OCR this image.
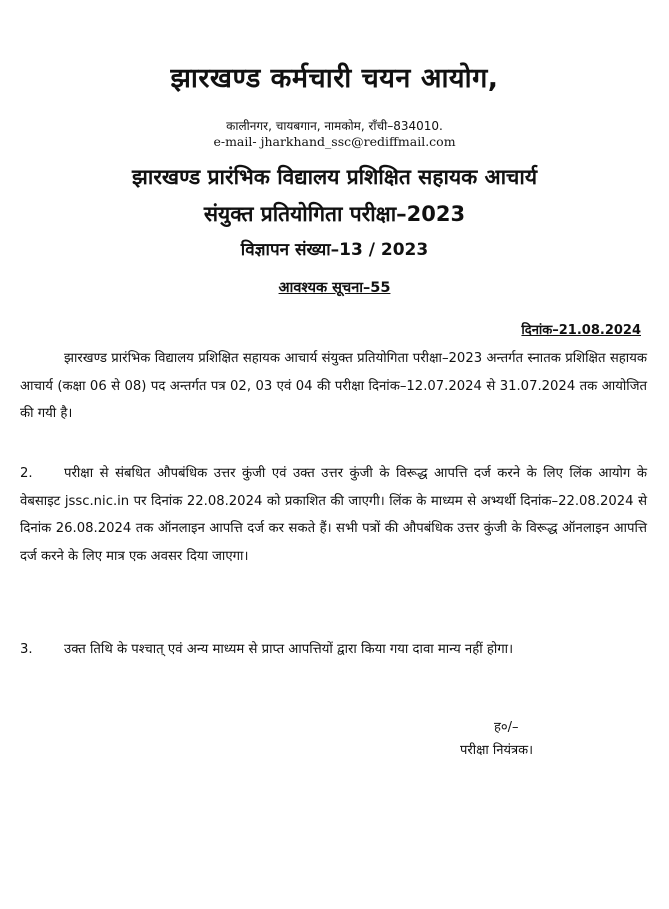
झारखण्ड कर्मचारी चयन आयोग,
कालीनगर, चायबगान, नामकोम, राँची–834010.
e-mail- jharkhand_ssc@rediffmail.com
झारखण्ड प्रारंभिक विद्यालय प्रशिक्षित सहायक आचार्य
संयुक्त प्रतियोगिता परीक्षा–2023
विज्ञापन संख्या–13 / 2023
आवश्यक सूचना–55
दिनांक–21.08.2024
झारखण्ड प्रारंभिक विद्यालय प्रशिक्षित सहायक आचार्य संयुक्त प्रतियोगिता परीक्षा–2023 अन्तर्गत स्नातक प्रशिक्षित सहायक आचार्य (कक्षा 06 से 08) पद अन्तर्गत पत्र 02, 03 एवं 04 की परीक्षा दिनांक–12.07.2024 से 31.07.2024 तक आयोजित की गयी है।
2. परीक्षा से संबधित औपबंधिक उत्तर कुंजी एवं उक्त उत्तर कुंजी के विरूद्ध आपत्ति दर्ज करने के लिए लिंक आयोग के वेबसाइट jssc.nic.in पर दिनांक 22.08.2024 को प्रकाशित की जाएगी। लिंक के माध्यम से अभ्यर्थी दिनांक–22.08.2024 से दिनांक 26.08.2024 तक ऑनलाइन आपत्ति दर्ज कर सकते हैं। सभी पत्रों की औपबंधिक उत्तर कुंजी के विरूद्ध ऑनलाइन आपत्ति दर्ज करने के लिए मात्र एक अवसर दिया जाएगा।
3. उक्त तिथि के पश्चात् एवं अन्य माध्यम से प्राप्त आपत्तियों द्वारा किया गया दावा मान्य नहीं होगा।
ह०/–
परीक्षा नियंत्रक।
